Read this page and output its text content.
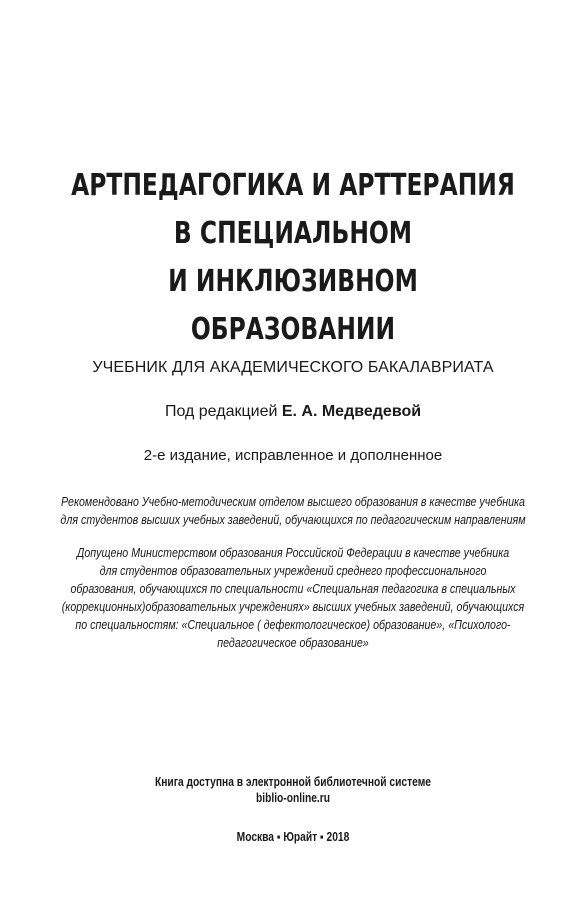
АРТПЕДАГОГИКА И АРТТЕРАПИЯ
В СПЕЦИАЛЬНОМ
И ИНКЛЮЗИВНОМ
ОБРАЗОВАНИИ
УЧЕБНИК ДЛЯ АКАДЕМИЧЕСКОГО БАКАЛАВРИАТА
Под редакцией Е. А. Медведевой
2-е издание, исправленное и дополненное
Рекомендовано Учебно-методическим отделом высшего образования в качестве учебника
для студентов высших учебных заведений, обучающихся по педагогическим направлениям
Допущено Министерством образования Российской Федерации в качестве учебника
для студентов образовательных учреждений среднего профессионального
образования, обучающихся по специальности «Специальная педагогика в специальных
(коррекционных)образовательных учреждениях» высших учебных заведений, обучающихся
по специальностям: «Специальное ( дефектологическое) образование», «Психолого-
педагогическое образование»
Книга доступна в электронной библиотечной системе
biblio-online.ru
Москва ▪ Юрайт ▪ 2018
